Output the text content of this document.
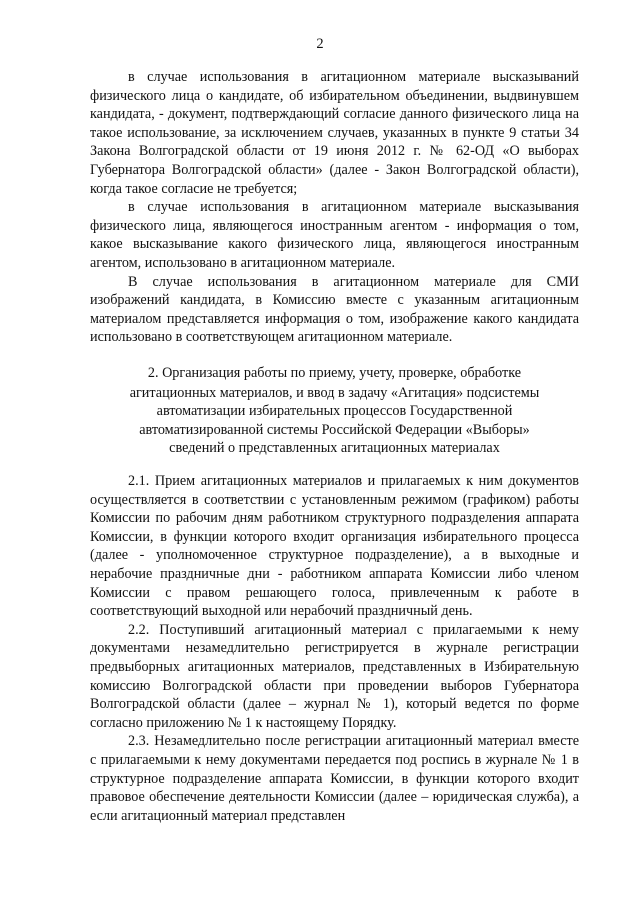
2

в случае использования в агитационном материале высказываний физического лица о кандидате, об избирательном объединении, выдвинувшем кандидата, - документ, подтверждающий согласие данного физического лица на такое использование, за исключением случаев, указанных в пункте 9 статьи 34 Закона Волгоградской области от 19 июня 2012 г. № 62-ОД «О выборах Губернатора Волгоградской области» (далее - Закон Волгоградской области), когда такое согласие не требуется;

в случае использования в агитационном материале высказывания физического лица, являющегося иностранным агентом - информация о том, какое высказывание какого физического лица, являющегося иностранным агентом, использовано в агитационном материале.

В случае использования в агитационном материале для СМИ изображений кандидата, в Комиссию вместе с указанным агитационным материалом представляется информация о том, изображение какого кандидата использовано в соответствующем агитационном материале.

2. Организация работы по приему, учету, проверке, обработке
агитационных материалов, и ввод в задачу «Агитация» подсистемы
автоматизации избирательных процессов Государственной
автоматизированной системы Российской Федерации «Выборы»
сведений о представленных агитационных материалах

2.1. Прием агитационных материалов и прилагаемых к ним документов осуществляется в соответствии с установленным режимом (графиком) работы Комиссии по рабочим дням работником структурного подразделения аппарата Комиссии, в функции которого входит организация избирательного процесса (далее - уполномоченное структурное подразделение), а в выходные и нерабочие праздничные дни - работником аппарата Комиссии либо членом Комиссии с правом решающего голоса, привлеченным к работе в соответствующий выходной или нерабочий праздничный день.

2.2. Поступивший агитационный материал с прилагаемыми к нему документами незамедлительно регистрируется в журнале регистрации предвыборных агитационных материалов, представленных в Избирательную комиссию Волгоградской области при проведении выборов Губернатора Волгоградской области (далее – журнал № 1), который ведется по форме согласно приложению № 1 к настоящему Порядку.

2.3. Незамедлительно после регистрации агитационный материал вместе с прилагаемыми к нему документами передается под роспись в журнале № 1 в структурное подразделение аппарата Комиссии, в функции которого входит правовое обеспечение деятельности Комиссии (далее – юридическая служба), а если агитационный материал представлен
